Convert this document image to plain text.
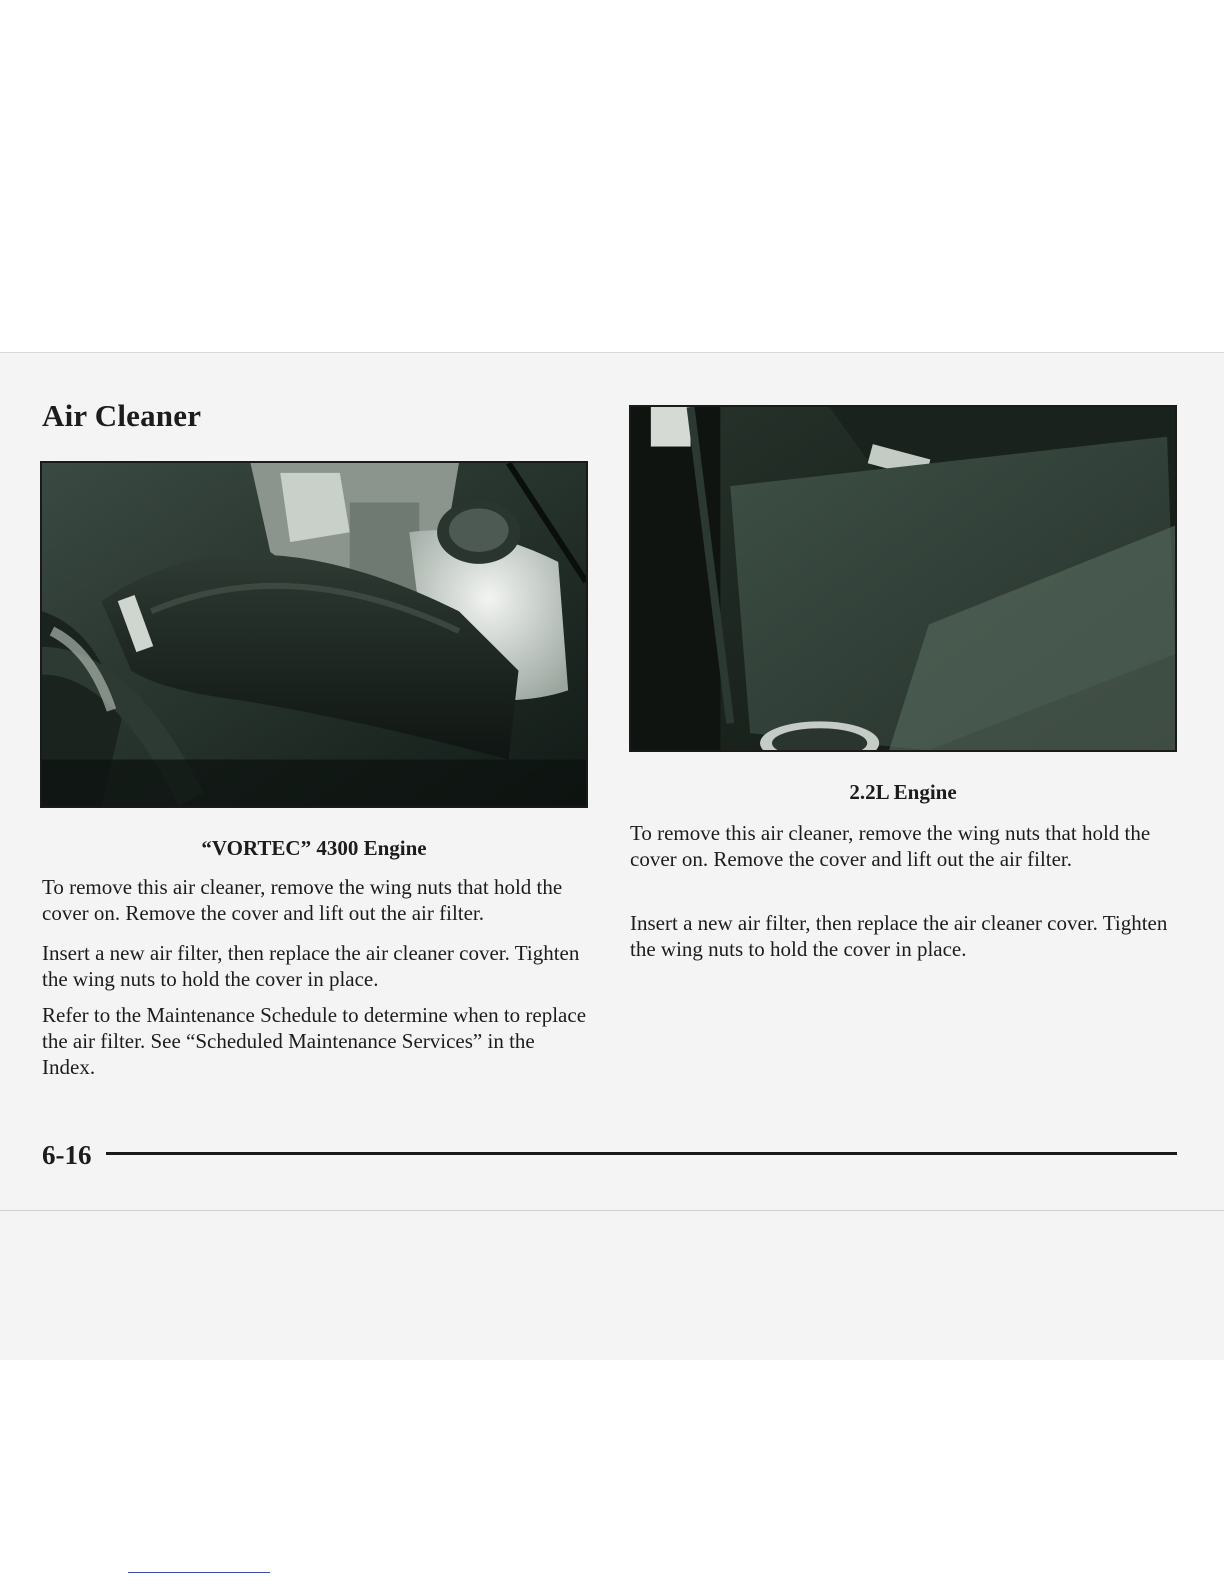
Air Cleaner

“VORTEC” 4300 Engine

To remove this air cleaner, remove the wing nuts that hold the cover on. Remove the cover and lift out the air filter.

Insert a new air filter, then replace the air cleaner cover. Tighten the wing nuts to hold the cover in place.

Refer to the Maintenance Schedule to determine when to replace the air filter. See “Scheduled Maintenance Services” in the Index.

2.2L Engine

To remove this air cleaner, remove the wing nuts that hold the cover on. Remove the cover and lift out the air filter.

Insert a new air filter, then replace the air cleaner cover. Tighten the wing nuts to hold the cover in place.

6-16
